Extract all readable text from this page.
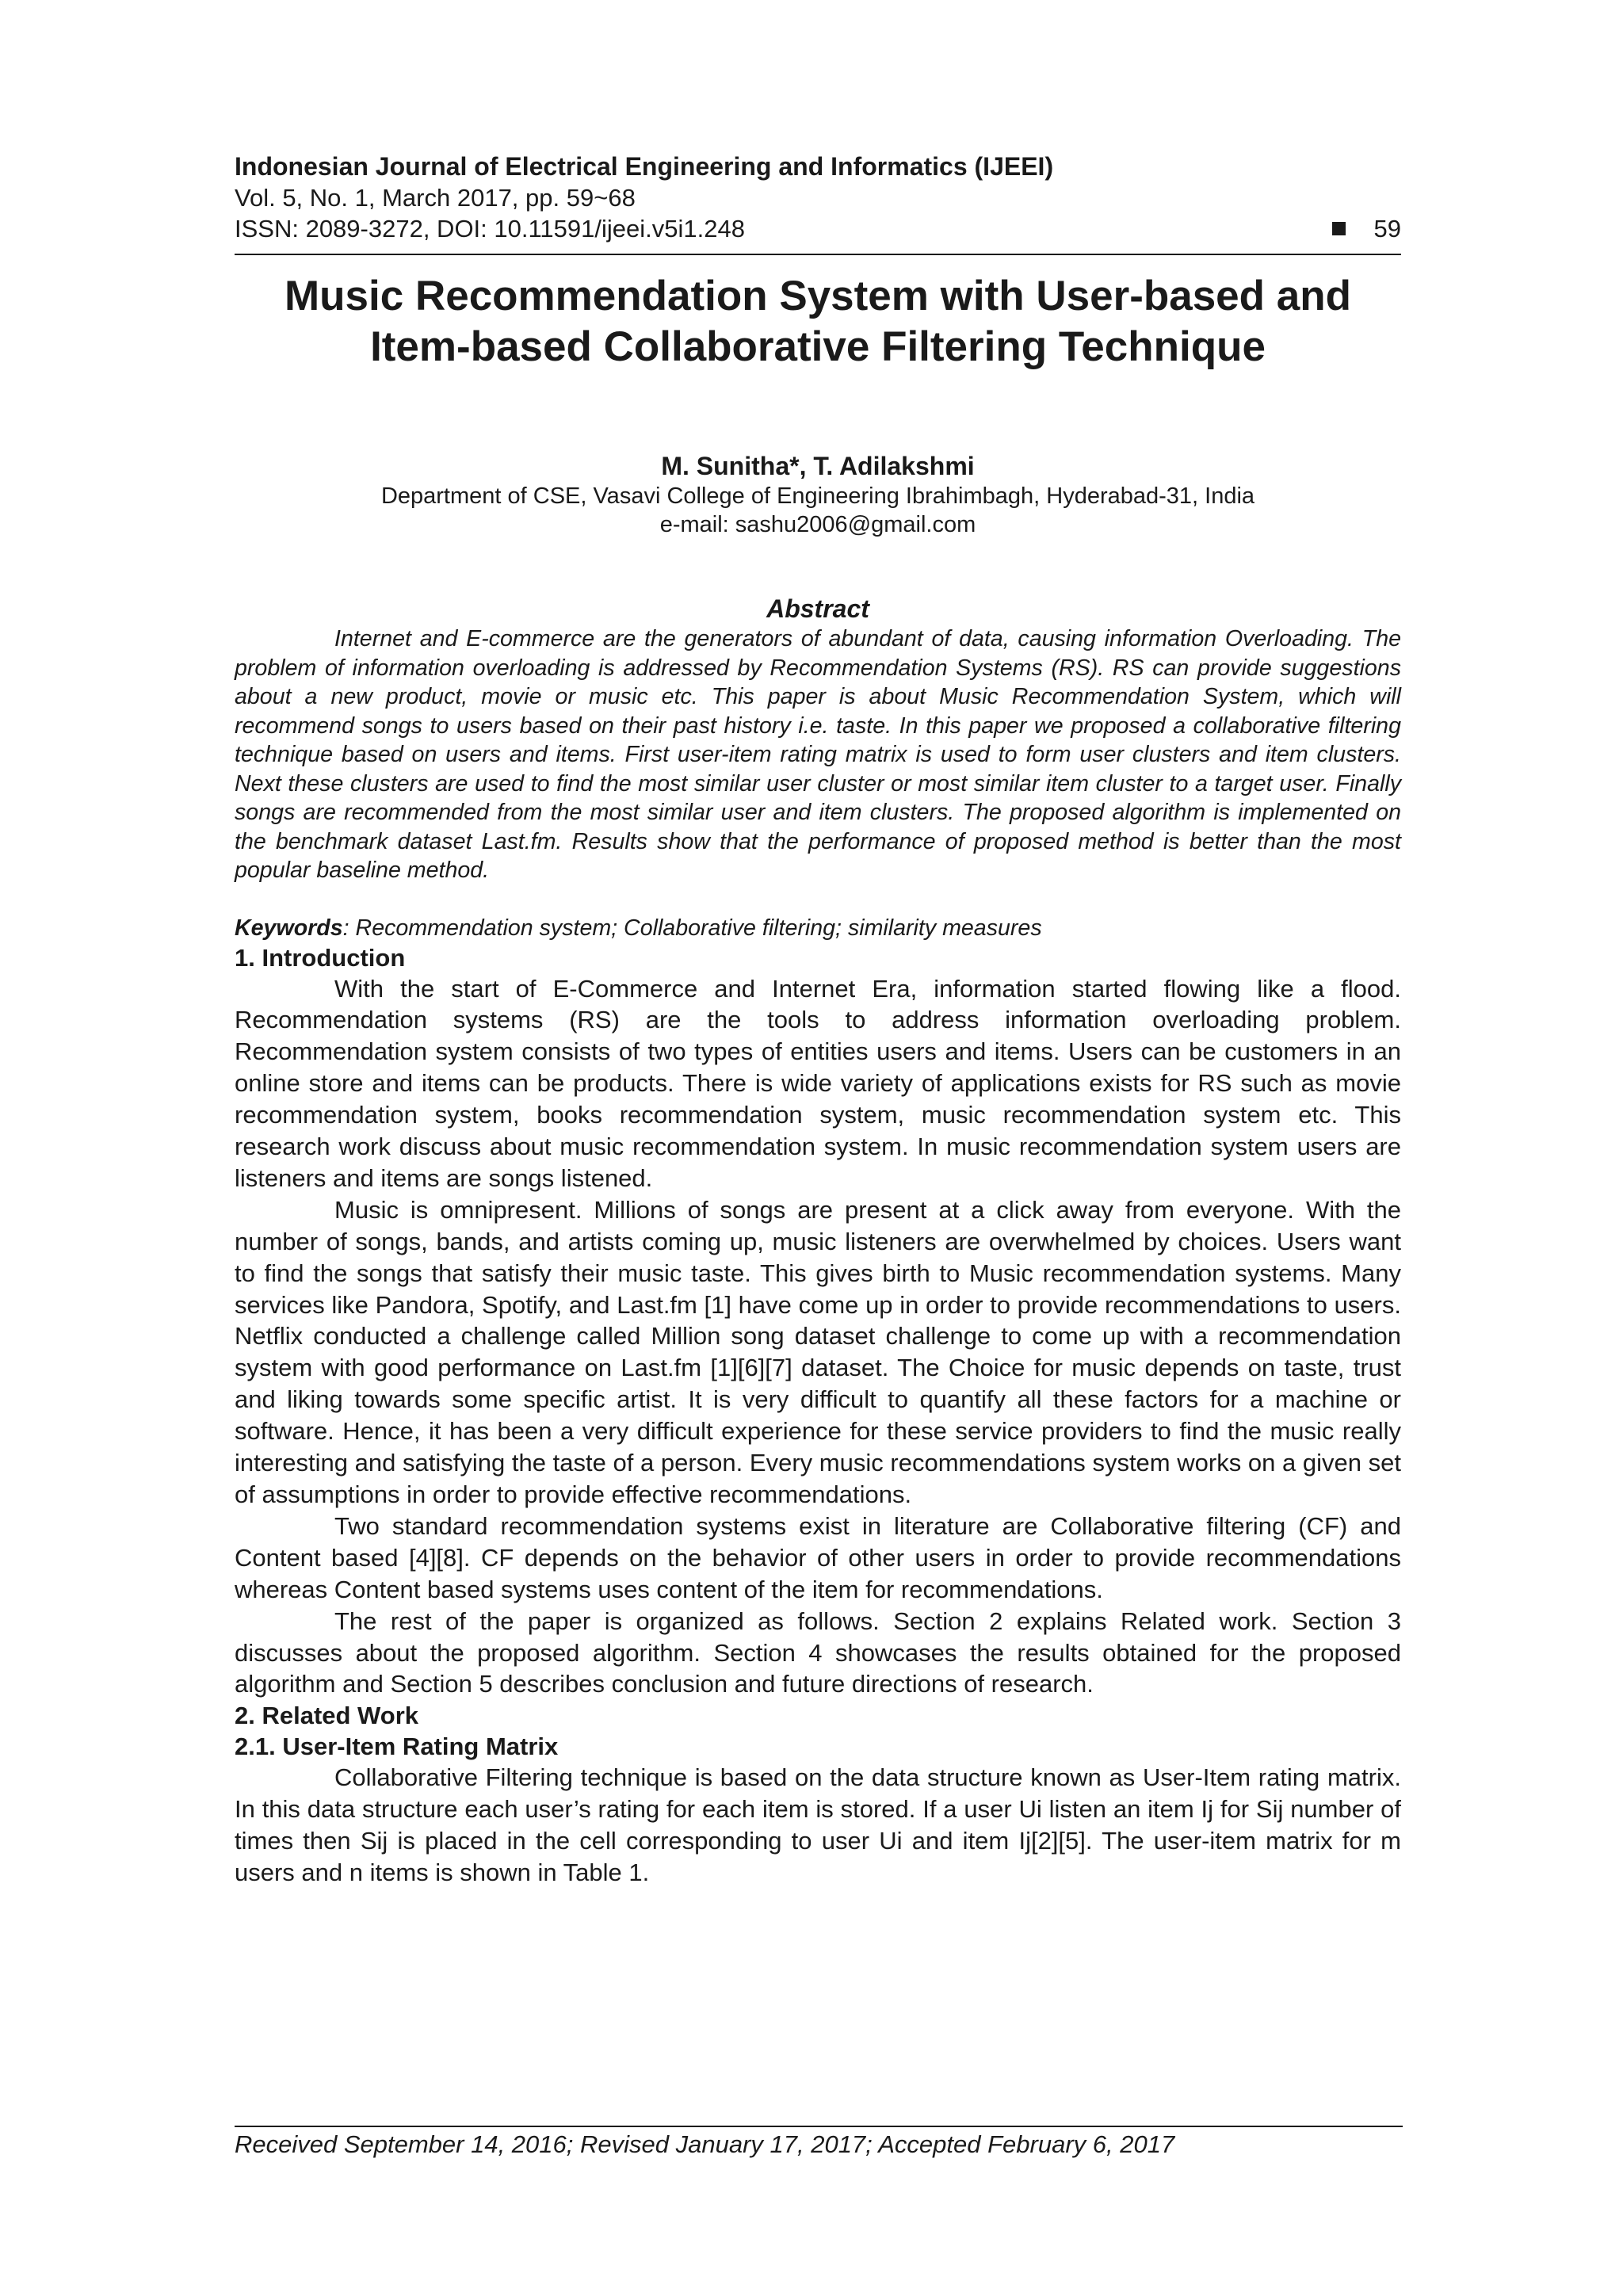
Indonesian Journal of Electrical Engineering and Informatics (IJEEI)
Vol. 5, No. 1, March 2017, pp. 59~68
ISSN: 2089-3272, DOI: 10.11591/ijeei.v5i1.248	59
Music Recommendation System with User-based and
Item-based Collaborative Filtering Technique
M. Sunitha*, T. Adilakshmi
Department of CSE, Vasavi College of Engineering Ibrahimbagh, Hyderabad-31, India
e-mail: sashu2006@gmail.com
Abstract

Internet and E-commerce are the generators of abundant of data, causing information Overloading. The problem of information overloading is addressed by Recommendation Systems (RS). RS can provide suggestions about a new product, movie or music etc. This paper is about Music Recommendation System, which will recommend songs to users based on their past history i.e. taste. In this paper we proposed a collaborative filtering technique based on users and items. First user-item rating matrix is used to form user clusters and item clusters. Next these clusters are used to find the most similar user cluster or most similar item cluster to a target user. Finally songs are recommended from the most similar user and item clusters. The proposed algorithm is implemented on the benchmark dataset Last.fm. Results show that the performance of proposed method is better than the most popular baseline method.

Keywords: Recommendation system; Collaborative filtering; similarity measures
1. Introduction

With the start of E-Commerce and Internet Era, information started flowing like a flood. Recommendation systems (RS) are the tools to address information overloading problem. Recommendation system consists of two types of entities users and items. Users can be customers in an online store and items can be products. There is wide variety of applications exists for RS such as movie recommendation system, books recommendation system, music recommendation system etc. This research work discuss about music recommendation system. In music recommendation system users are listeners and items are songs listened.

Music is omnipresent. Millions of songs are present at a click away from everyone. With the number of songs, bands, and artists coming up, music listeners are overwhelmed by choices. Users want to find the songs that satisfy their music taste. This gives birth to Music recommendation systems. Many services like Pandora, Spotify, and Last.fm [1] have come up in order to provide recommendations to users. Netflix conducted a challenge called Million song dataset challenge to come up with a recommendation system with good performance on Last.fm [1][6][7] dataset. The Choice for music depends on taste, trust and liking towards some specific artist. It is very difficult to quantify all these factors for a machine or software. Hence, it has been a very difficult experience for these service providers to find the music really interesting and satisfying the taste of a person. Every music recommendations system works on a given set of assumptions in order to provide effective recommendations.

Two standard recommendation systems exist in literature are Collaborative filtering (CF) and Content based [4][8]. CF depends on the behavior of other users in order to provide recommendations whereas Content based systems uses content of the item for recommendations.

The rest of the paper is organized as follows. Section 2 explains Related work. Section 3 discusses about the proposed algorithm. Section 4 showcases the results obtained for the proposed algorithm and Section 5 describes conclusion and future directions of research.

2. Related Work
2.1. User-Item Rating Matrix

Collaborative Filtering technique is based on the data structure known as User-Item rating matrix. In this data structure each user’s rating for each item is stored. If a user Ui listen an item Ij for Sij number of times then Sij is placed in the cell corresponding to user Ui and item Ij[2][5]. The user-item matrix for m users and n items is shown in Table 1.

Received September 14, 2016; Revised January 17, 2017; Accepted February 6, 2017
